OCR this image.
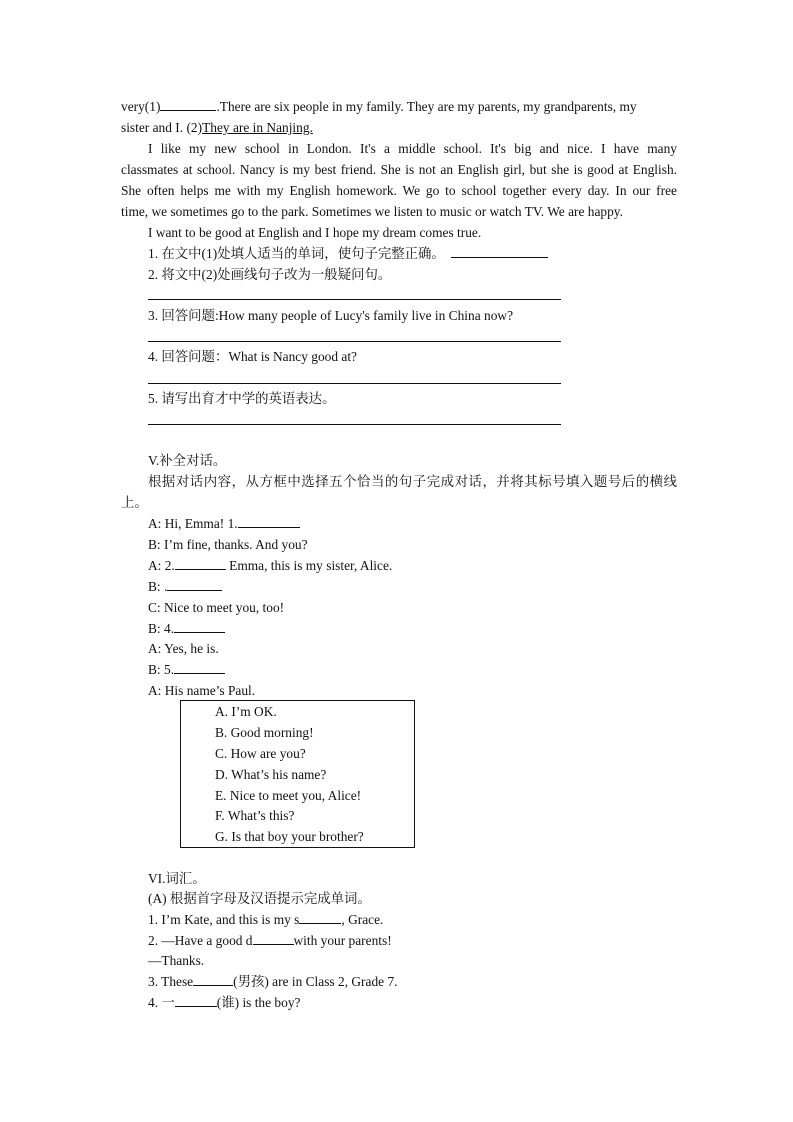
very(1)	.There are six people in my family. They are my parents, my grandparents, my
sister and I. (2)They are in Nanjing.
I like my new school in London. It's a middle school. It's big and nice. I have many
classmates at school. Nancy is my best friend. She is not an English girl, but she is good at English.
She often helps me with my English homework. We go to school together every day. In our free
time, we sometimes go to the park. Sometimes we listen to music or watch TV. We are happy.
I want to be good at English and I hope my dream comes true.
1. 在文中(1)处填人适当的单词，使句子完整正确。
2. 将文中(2)处画线句子改为一般疑问句。
3. 回答问题:How many people of Lucy's family live in China now?
4. 回答问题：What is Nancy good at?
5. 请写出育才中学的英语表达。
V.补全对话。
根据对话内容，从方框中选择五个恰当的句子完成对话，并将其标号填入题号后的横线
上。
A: Hi, Emma! 1.
B: I’m fine, thanks. And you?
A: 2.	Emma, this is my sister, Alice.
B: .
C: Nice to meet you, too!
B: 4.
A: Yes, he is.
B: 5.
A: His name’s Paul.
A. I’m OK.
B. Good morning!
C. How are you?
D. What’s his name?
E. Nice to meet you, Alice!
F. What’s this?
G. Is that boy your brother?
VI.词汇。
(A) 根据首字母及汉语提示完成单词。
1. I’m Kate, and this is my s	, Grace.
2. —Have a good d	with your parents!
—Thanks.
3. These	(男孩) are in Class 2, Grade 7.
4. 一	(谁) is the boy?
